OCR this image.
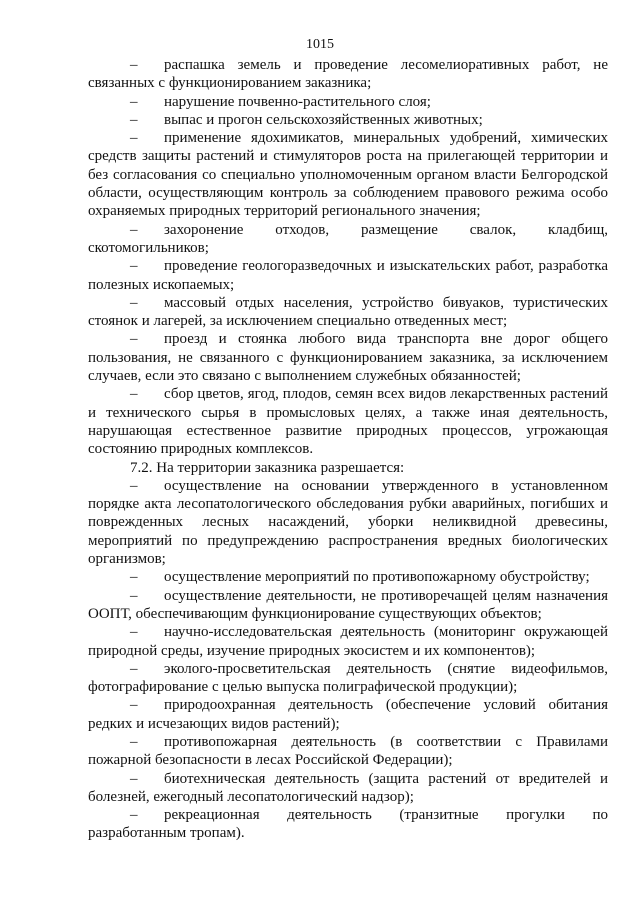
1015

– распашка земель и проведение лесомелиоративных работ, не связанных с функционированием заказника;

– нарушение почвенно-растительного слоя;

– выпас и прогон сельскохозяйственных животных;

– применение ядохимикатов, минеральных удобрений, химических средств защиты растений и стимуляторов роста на прилегающей территории и без согласования со специально уполномоченным органом власти Белгородской области, осуществляющим контроль за соблюдением правового режима особо охраняемых природных территорий регионального значения;

– захоронение отходов, размещение свалок, кладбищ, скотомогильников;

– проведение геологоразведочных и изыскательских работ, разработка полезных ископаемых;

– массовый отдых населения, устройство бивуаков, туристических стоянок и лагерей, за исключением специально отведенных мест;

– проезд и стоянка любого вида транспорта вне дорог общего пользования, не связанного с функционированием заказника, за исключением случаев, если это связано с выполнением служебных обязанностей;

– сбор цветов, ягод, плодов, семян всех видов лекарственных растений и технического сырья в промысловых целях, а также иная деятельность, нарушающая естественное развитие природных процессов, угрожающая состоянию природных комплексов.

7.2. На территории заказника разрешается:

– осуществление на основании утвержденного в установленном порядке акта лесопатологического обследования рубки аварийных, погибших и поврежденных лесных насаждений, уборки неликвидной древесины, мероприятий по предупреждению распространения вредных биологических организмов;

– осуществление мероприятий по противопожарному обустройству;

– осуществление деятельности, не противоречащей целям назначения ООПТ, обеспечивающим функционирование существующих объектов;

– научно-исследовательская деятельность (мониторинг окружающей природной среды, изучение природных экосистем и их компонентов);

– эколого-просветительская деятельность (снятие видеофильмов, фотографирование с целью выпуска полиграфической продукции);

– природоохранная деятельность (обеспечение условий обитания редких и исчезающих видов растений);

– противопожарная деятельность (в соответствии с Правилами пожарной безопасности в лесах Российской Федерации);

– биотехническая деятельность (защита растений от вредителей и болезней, ежегодный лесопатологический надзор);

– рекреационная деятельность (транзитные прогулки по разработанным тропам).
